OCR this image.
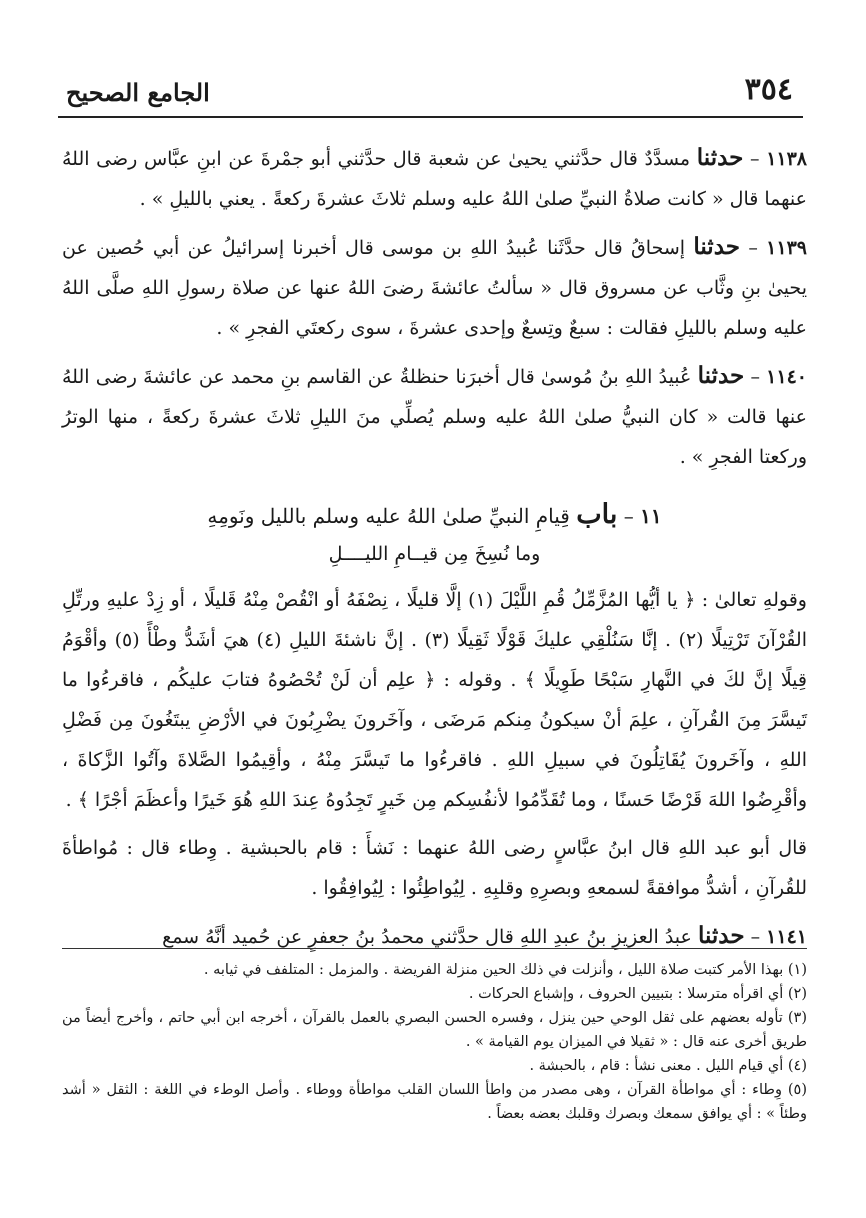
٣٥٤
الجامع الصحيح

١١٣٨ – حدثنا مسدَّدٌ قال حدَّثني يحيىٰ عن شعبة قال حدَّثني أبو جمْرةَ عن ابنِ عبَّاس رضى اللهُ عنهما قال « كانت صلاةُ النبيِّ صلىٰ اللهُ عليه وسلم ثلاثَ عشرةَ ركعةً . يعني بالليلِ » .

١١٣٩ – حدثنا إسحاقُ قال حدَّثَنا عُبيدُ اللهِ بن موسى قال أخبرنا إسرائيلُ عن أبي حُصين عن يحيىٰ بنِ وثَّاب عن مسروق قال « سألتُ عائشةَ رضىَ اللهُ عنها عن صلاة رسولِ اللهِ صلَّى اللهُ عليه وسلم بالليلِ فقالت : سبعٌ وتِسعٌ وإحدى عشرةَ ، سوى ركعتَي الفجرِ » .

١١٤٠ – حدثنا عُبيدُ اللهِ بنُ مُوسىٰ قال أخبرَنا حنظلةُ عن القاسم بنِ محمد عن عائشةَ رضى اللهُ عنها قالت « كان النبيُّ صلىٰ اللهُ عليه وسلم يُصلِّي منَ الليلِ ثلاثَ عشرةَ ركعةً ، منها الوترُ وركعتا الفجرِ » .

١١ – باب قِيامِ النبيِّ صلىٰ اللهُ عليه وسلم بالليل ونَومِهِ

وما نُسِخَ مِن قيــامِ الليــــلِ

وقولهِ تعالىٰ : ﴿ يا أيُّها المُزَّمِّلُ قُمِ اللَّيْلَ (١) إلَّا قليلًا ، نِصْفَهُ أو انْقُصْ مِنْهُ قَليلًا ، أو زِدْ عليهِ ورتِّلِ القُرْآنَ تَرْتِيلًا (٢) . إنَّا سَنُلْقِي عليكَ قَوْلًا ثَقِيلًا (٣) . إنَّ ناشئةَ الليلِ (٤) هيَ أشَدُّ وطْأً (٥) وأقْوَمُ قِيلًا إنَّ لكَ في النَّهارِ سَبْحًا طَوِيلًا ﴾ . وقوله : ﴿ علِم أن لَنْ تُحْصُوهُ فتابَ عليكُم ، فاقرءُوا ما تَيسَّرَ مِنَ القُرآنِ ، علِمَ أنْ سيكونُ مِنكم مَرضَى ، وآخَرونَ يضْرِبُونَ في الأرْضِ يبتَغُونَ مِن فَضْلِ اللهِ ، وآخَرونَ يُقَاتِلُونَ في سبيلِ اللهِ . فاقرءُوا ما تَيسَّرَ مِنْهُ ، وأقِيمُوا الصَّلاةَ وآتُوا الزَّكاةَ ، وأقْرِضُوا اللهَ قَرْضًا حَسنًا ، وما تُقَدِّمُوا لأنفُسِكم مِن خَيرٍ تَجِدُوهُ عِندَ اللهِ هُوَ خَيرًا وأعظَمَ أجْرًا ﴾ .

قال أبو عبد اللهِ قال ابنُ عبَّاسٍ رضى اللهُ عنهما : نَشأَ : قام بالحبشية . وِطاء قال : مُواطأةَ للقُرآنِ ، أشدُّ موافقةً لسمعهِ وبصرِهِ وقلبِهِ . لِيُواطِئُوا : لِيُوافِقُوا .

١١٤١ – حدثنا عبدُ العزيزِ بنُ عبدِ اللهِ قال حدَّثني محمدُ بنُ جعفرٍ عن حُميد أنَّهُ سمع

(١) بهذا الأمر كتبت صلاة الليل ، وأنزلت في ذلك الحين منزلة الفريضة . والمزمل : المتلفف في ثيابه .

(٢) أي اقرأه مترسلا : بتبيين الحروف ، وإشباع الحركات .

(٣) تأوله بعضهم على ثقل الوحي حين ينزل ، وفسره الحسن البصري بالعمل بالقرآن ، أخرجه ابن أبي حاتم ، وأخرج أيضاً من طريق أخرى عنه قال : « ثقيلا في الميزان يوم القيامة » .

(٤) أي قيام الليل . معنى نشأ : قام ، بالحبشة .

(٥) وِطاء : أي مواطأة القرآن ، وهى مصدر من واطأ اللسان القلب مواطأة ووطاء . وأصل الوطء في اللغة : الثقل « أشد وطئاً » : أي يوافق سمعك وبصرك وقلبك بعضه بعضاً .
